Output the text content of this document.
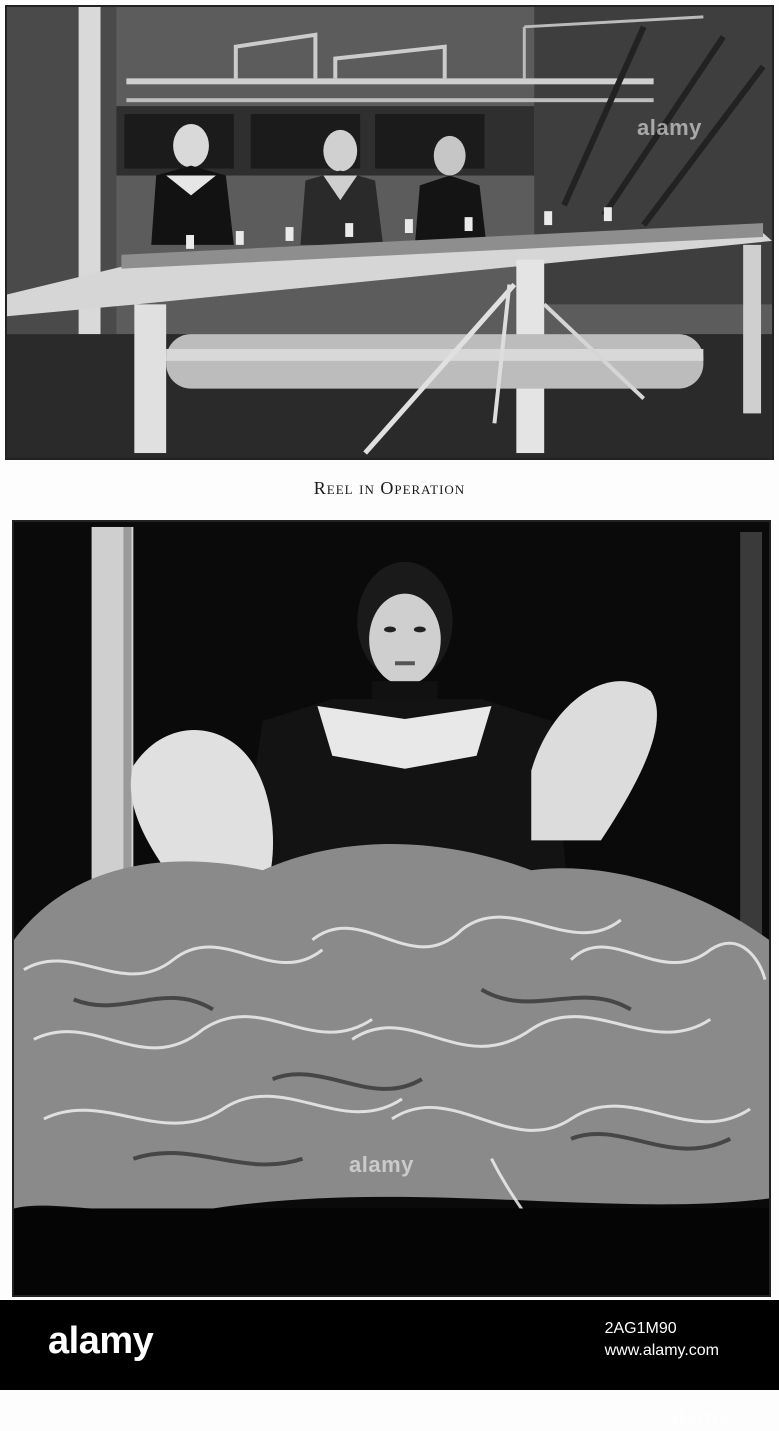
alamy
Reel in Operation
alamy
alamy
alamy	2AG1M90
www.alamy.com
